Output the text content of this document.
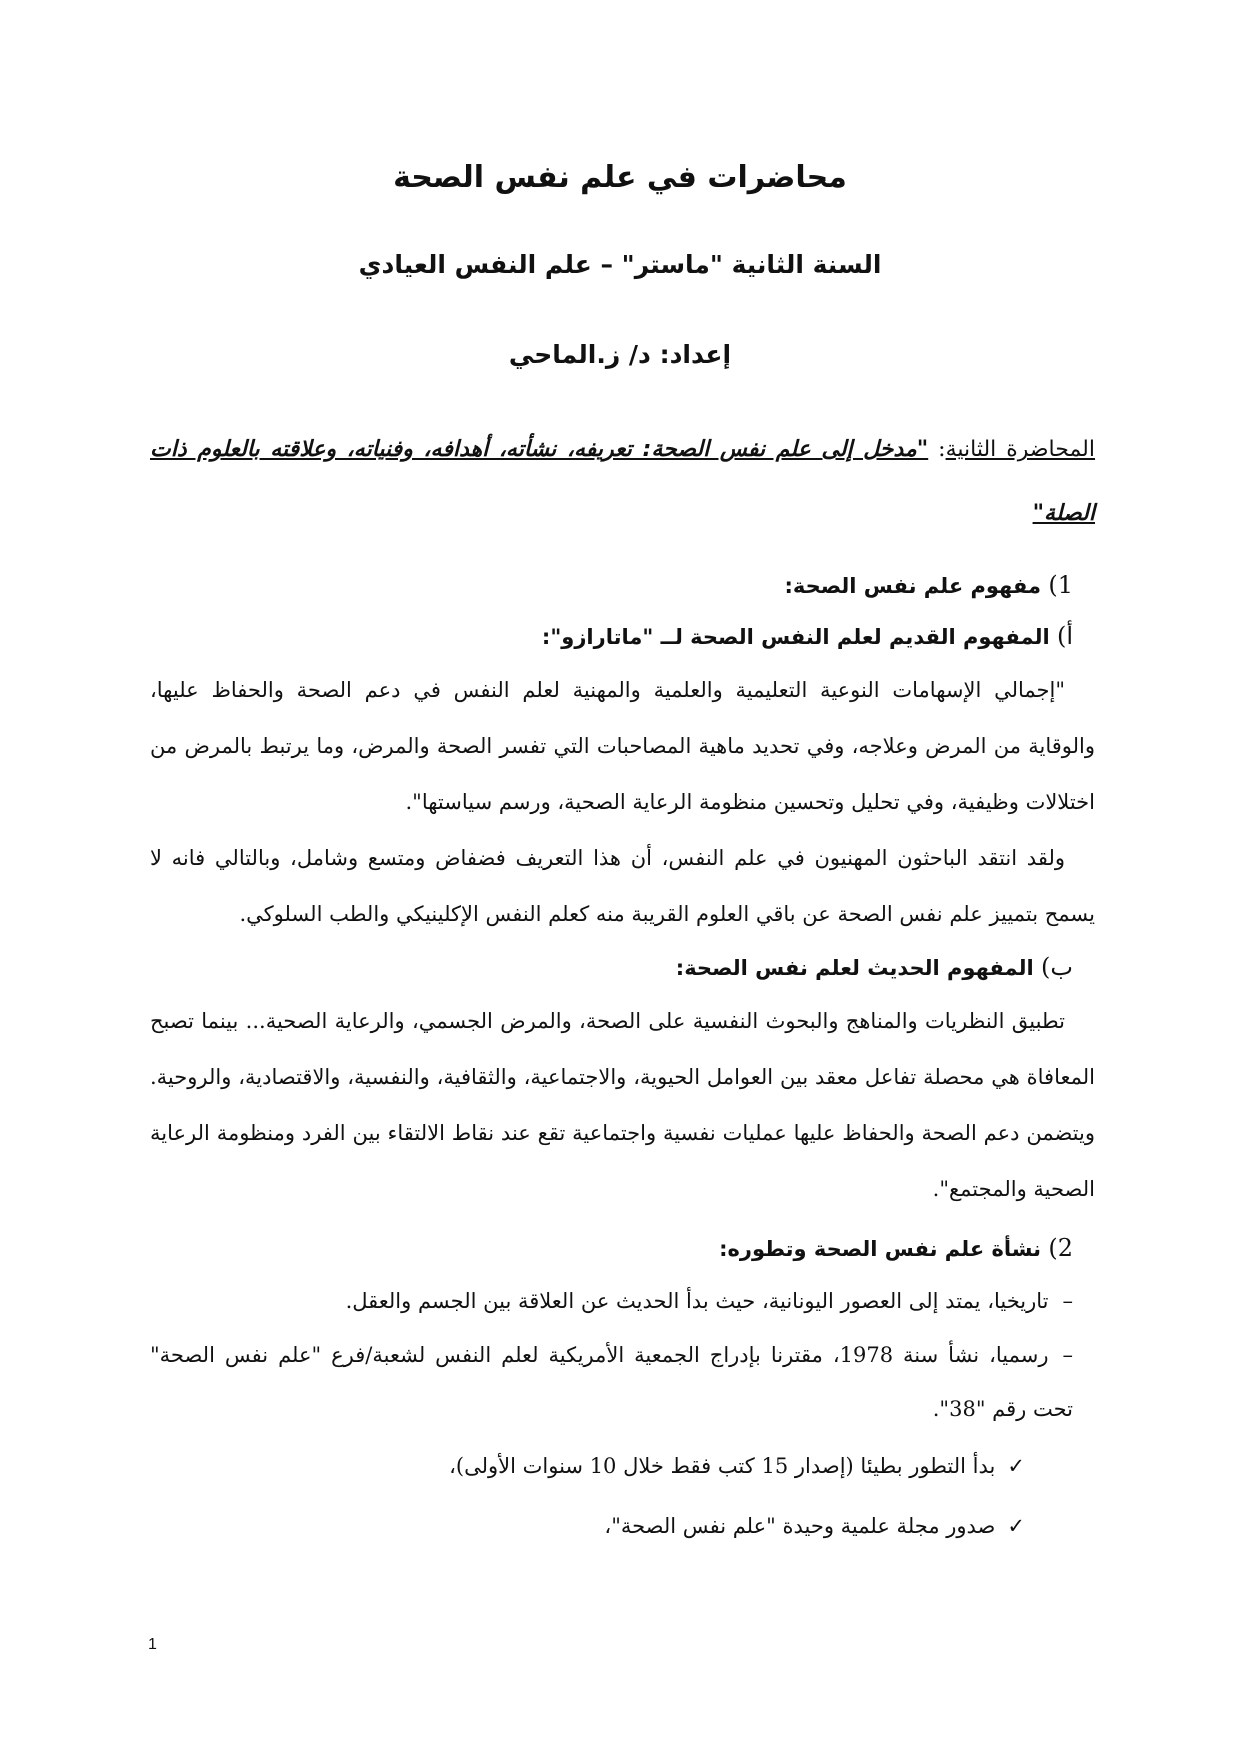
محاضرات في علم نفس الصحة
السنة الثانية "ماستر" – علم النفس العيادي
إعداد: د/ ز.الماحي

المحاضرة الثانية: "مدخل إلى علم نفس الصحة: تعريفه، نشأته، أهدافه، وفنياته، وعلاقته بالعلوم ذات الصلة"

1) مفهوم علم نفس الصحة:

أ) المفهوم القديم لعلم النفس الصحة لــ "ماتارازو":

"إجمالي الإسهامات النوعية التعليمية والعلمية والمهنية لعلم النفس في دعم الصحة والحفاظ عليها، والوقاية من المرض وعلاجه، وفي تحديد ماهية المصاحبات التي تفسر الصحة والمرض، وما يرتبط بالمرض من اختلالات وظيفية، وفي تحليل وتحسين منظومة الرعاية الصحية، ورسم سياستها".

ولقد انتقد الباحثون المهنيون في علم النفس، أن هذا التعريف فضفاض ومتسع وشامل، وبالتالي فانه لا يسمح بتمييز علم نفس الصحة عن باقي العلوم القريبة منه كعلم النفس الإكلينيكي والطب السلوكي.

ب) المفهوم الحديث لعلم نفس الصحة:

تطبيق النظريات والمناهج والبحوث النفسية على الصحة، والمرض الجسمي، والرعاية الصحية... بينما تصبح المعافاة هي محصلة تفاعل معقد بين العوامل الحيوية، والاجتماعية، والثقافية، والنفسية، والاقتصادية، والروحية. ويتضمن دعم الصحة والحفاظ عليها عمليات نفسية واجتماعية تقع عند نقاط الالتقاء بين الفرد ومنظومة الرعاية الصحية والمجتمع".

2) نشأة علم نفس الصحة وتطوره:

–تاريخيا، يمتد إلى العصور اليونانية، حيث بدأ الحديث عن العلاقة بين الجسم والعقل.

–رسميا، نشأ سنة 1978، مقترنا بإدراج الجمعية الأمريكية لعلم النفس لشعبة/فرع "علم نفس الصحة" تحت رقم "38".

✓بدأ التطور بطيئا (إصدار 15 كتب فقط خلال 10 سنوات الأولى)،

✓صدور مجلة علمية وحيدة "علم نفس الصحة"،

1
